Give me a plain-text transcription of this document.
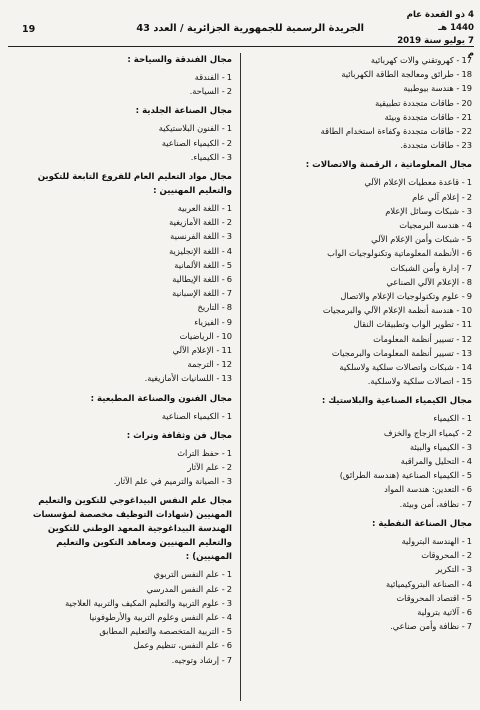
4 ذو القعدة عام 1440 هـ
7 يوليو سنة 2019 م
الجريدة الرسمية للجمهورية الجزائرية / العدد 43
19
17- كهروتقني والات كهربائية
18- طرائق ومعالجة الطاقة الكهربائية
19- هندسة بيوطبية
20- طاقات متجددة تطبيقية
21- طاقات متجددة وبيئة
22- طاقات متجددة وكفاءة استخدام الطاقة
23- طاقات متجددة.
مجال المعلوماتية ، الرقمنة والاتصالات :
1- قاعدة معطيات الإعلام الآلي
2- إعلام آلي عام
3- شبكات وسائل الإعلام
4- هندسة البرمجيات
5- شبكات وأمن الإعلام الآلي
6- الأنظمة المعلوماتية وتكنولوجيات الواب
7- إدارة وأمن الشبكات
8- الإعلام الآلي الصناعي
9- علوم وتكنولوجيات الإعلام والاتصال
10- هندسة أنظمة الإعلام الآلي والبرمجيات
11- تطوير الواب وتطبيقات النقال
12- تسيير أنظمة المعلومات
13- تسيير أنظمة المعلومات والبرمجيات
14- شبكات واتصالات سلكية ولاسلكية
15- اتصالات سلكية ولاسلكية.
مجال الكيمياء الصناعية والبلاستيك :
1- الكيمياء
2- كيمياء الزجاج والخزف
3- الكيمياء والبيئة
4- التحليل والمراقبة
5- الكيمياء الصناعية (هندسة الطرائق)
6- التعدين: هندسة المواد
7- نظافة، أمن وبيئة.
مجال الصناعة النفطية :
1- الهندسة البترولية
2- المحروقات
3- التكرير
4- الصناعة البتروكيميائية
5- اقتصاد المحروقات
6- آلاتية بترولية
7- نظافة وأمن صناعي.
مجال الفندقة والسياحة :
1- الفندقة
2- السياحة.
مجال الصناعة الجلدية :
1- الفنون البلاستيكية
2- الكيمياء الصناعية
3- الكيمياء.
مجال مواد التعليم العام للفروع التابعة للتكوين والتعليم المهنيين :
1- اللغة العربية
2- اللغة الأمازيغية
3- اللغة الفرنسية
4- اللغة الإنجليزية
5- اللغة الألمانية
6- اللغة الإيطالية
7- اللغة الإسبانية
8- التاريخ
9- الفيزياء
10- الرياضيات
11- الإعلام الآلي
12- الترجمة
13- اللسانيات الأمازيغية.
مجال الفنون والصناعة المطبعية :
1- الكيمياء الصناعية
مجال فن وثقافة وتراث :
1- حفظ التراث
2- علم الآثار
3- الصيانة والترميم في علم الآثار.
مجال علم النفس البيداغوجي للتكوين والتعليم المهنيين (شهادات التوظيف مخصصة لمؤسسات الهندسة البيداغوجية المعهد الوطني للتكوين والتعليم المهنيين ومعاهد التكوين والتعليم المهنيين) :
1- علم النفس التربوي
2- علم النفس المدرسي
3- علوم التربية والتعليم المكيف والتربية العلاجية
4- علم النفس وعلوم التربية والأرطوفونيا
5- التربية المتخصصة والتعليم المطابق
6- علم النفس، تنظيم وعمل
7- إرشاد وتوجيه.
